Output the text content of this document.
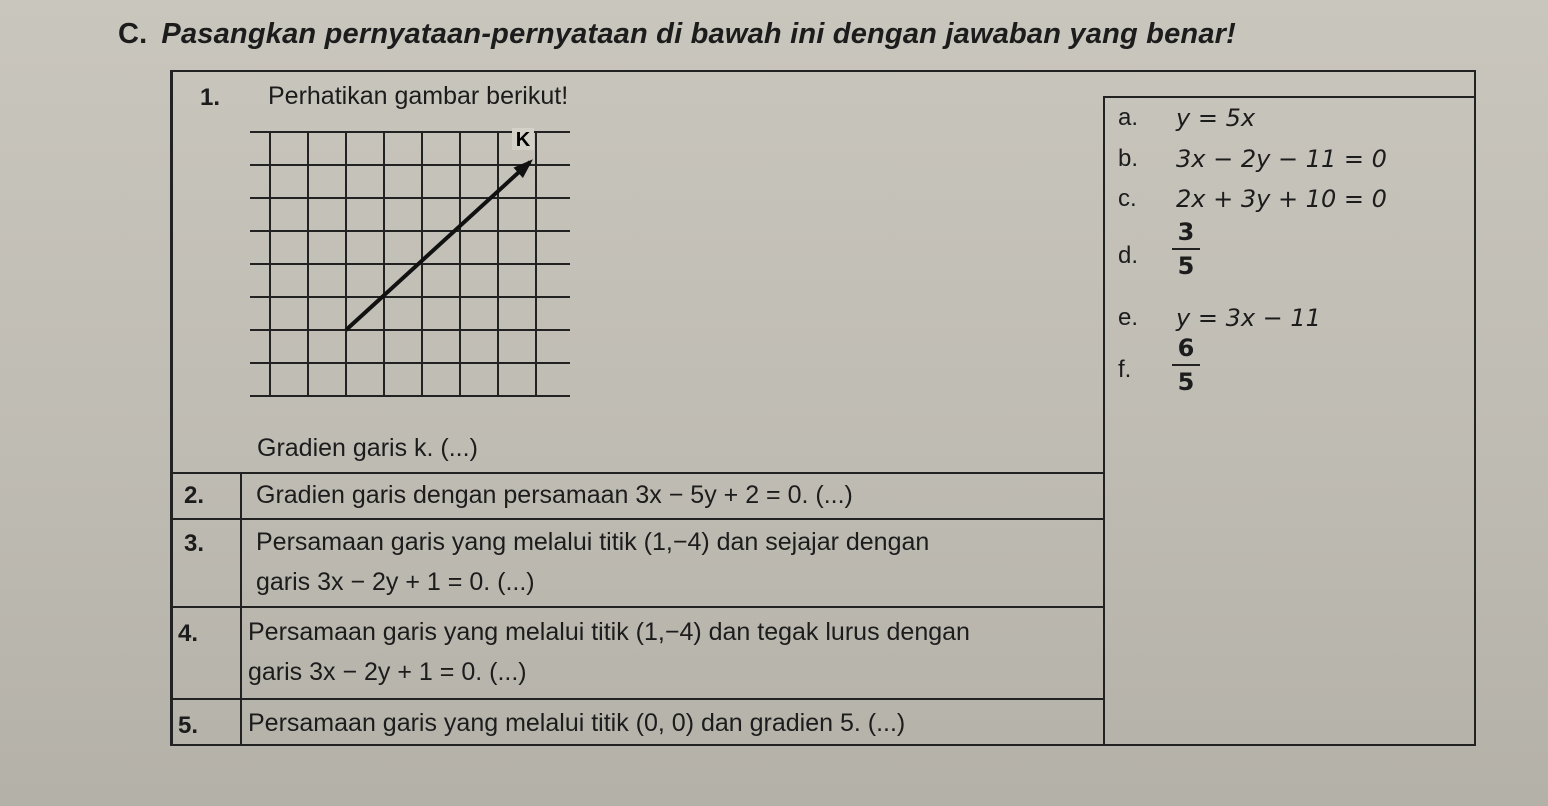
C. Pasangkan pernyataan-pernyataan di bawah ini dengan jawaban yang benar!
1. Perhatikan gambar berikut!
K
Gradien garis k. (...)
a. y = 5x
b. 3x − 2y − 11 = 0
c. 2x + 3y + 10 = 0
d.
3
5
e. y = 3x − 11
f.
6
5
2. Gradien garis dengan persamaan 3x − 5y + 2 = 0. (...)
3. Persamaan garis yang melalui titik (1,−4) dan sejajar dengan
garis 3x − 2y + 1 = 0. (...)
4. Persamaan garis yang melalui titik (1,−4) dan tegak lurus dengan
garis 3x − 2y + 1 = 0. (...)
5. Persamaan garis yang melalui titik (0, 0) dan gradien 5. (...)
